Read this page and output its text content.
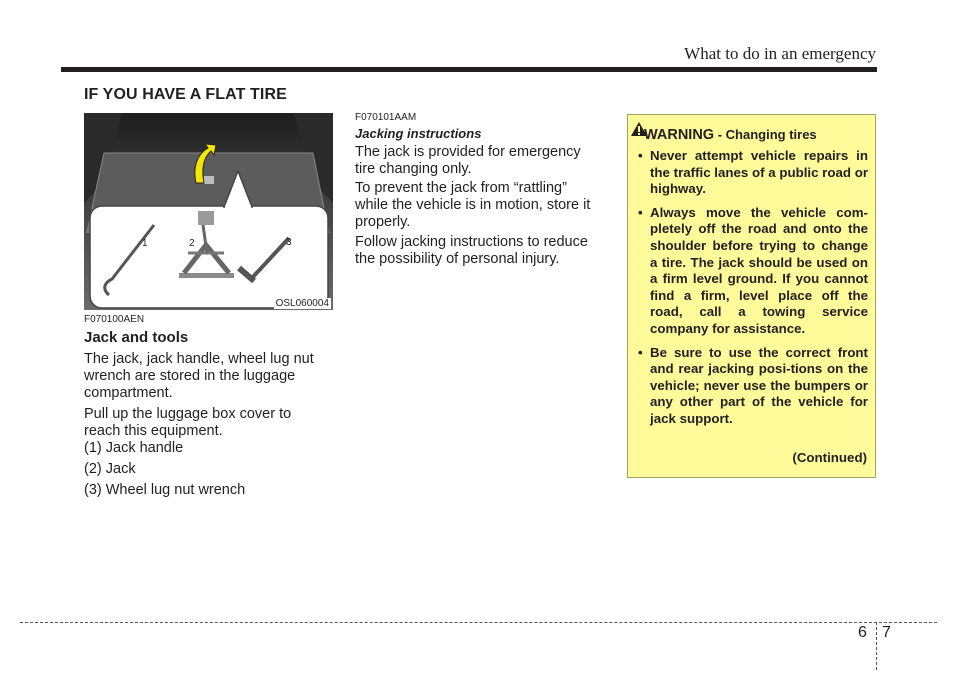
What to do in an emergency
IF YOU HAVE A FLAT TIRE
1	2	3
OSL060004
F070100AEN
Jack and tools
The jack, jack handle, wheel lug nut
wrench are stored in the luggage
compartment.
Pull up the luggage box cover to
reach this equipment.
(1) Jack handle
(2) Jack
(3) Wheel lug nut wrench
F070101AAM
Jacking instructions
The jack is provided for emergency
tire changing only.
To prevent the jack from “rattling”
while the vehicle is in motion, store it
properly.
Follow jacking instructions to reduce
the possibility of personal injury.
WARNING - Changing tires
• Never attempt vehicle repairs in the traffic lanes of a public road or highway.
• Always move the vehicle com-pletely off the road and onto the shoulder before trying to change a tire. The jack should be used on a firm level ground. If you cannot find a firm, level place off the road, call a towing service company for assistance.
• Be sure to use the correct front and rear jacking posi-tions on the vehicle; never use the bumpers or any other part of the vehicle for jack support.
(Continued)
6 7
